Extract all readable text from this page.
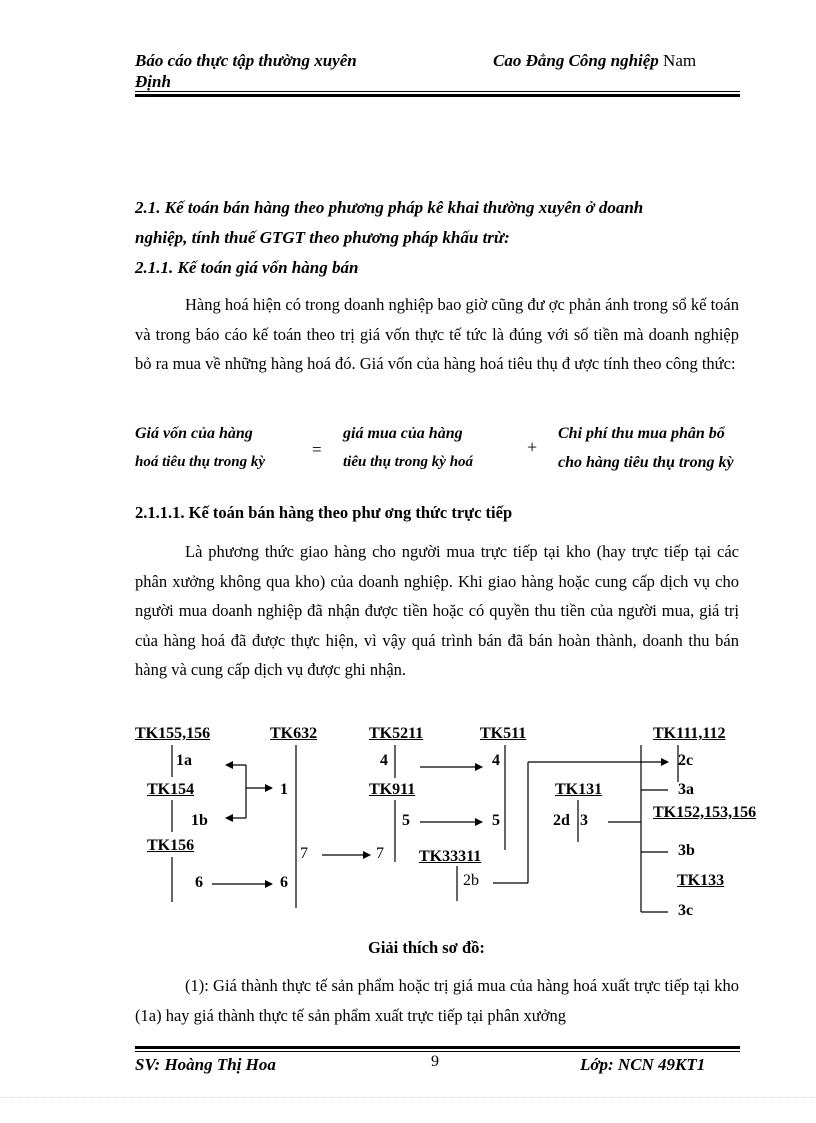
Báo cáo thực tập thường xuyên
Định
Cao Đẳng Công nghiệp Nam
2.1. Kế toán bán hàng theo phương pháp kê khai thường xuyên ở doanh
nghiệp, tính thuế GTGT theo phương pháp khấu trừ:
2.1.1. Kế toán giá vốn hàng bán
Hàng hoá hiện có trong doanh nghiệp bao giờ cũng đư ợc phản ánh trong sổ kế toán và trong báo cáo kế toán theo trị giá vốn thực tế tức là đúng với số tiền mà doanh nghiệp bỏ ra mua về những hàng hoá đó. Giá vốn của hàng hoá tiêu thụ đ ược tính theo công thức:
Giá vốn của hàng
hoá tiêu thụ trong kỳ
=
giá mua của hàng
tiêu thụ trong kỳ hoá
+
Chi phí thu mua phân bổ
cho hàng tiêu thụ trong kỳ
2.1.1.1. Kế toán bán hàng theo phư ơng thức trực tiếp
Là phương thức giao hàng cho người mua trực tiếp tại kho (hay trực tiếp tại các phân xưởng không qua kho) của doanh nghiệp. Khi giao hàng hoặc cung cấp dịch vụ cho người mua doanh nghiệp đã nhận được tiền hoặc có quyền thu tiền của người mua, giá trị của hàng hoá đã được thực hiện, vì vậy quá trình bán đã bán hoàn thành, doanh thu bán hàng và cung cấp dịch vụ được ghi nhận.
TK155,156	TK632	TK5211	TK511	TK111,112
TK154	TK911	TK131
TK152,153,156
TK156
TK33311
TK133
1a
1
1b
4	4
5	5
6	6
7	7
2c
3a
2d 3
3b
2b
3c
Giải thích sơ đồ:
(1): Giá thành thực tế sản phẩm hoặc trị giá mua của hàng hoá xuất trực tiếp tại kho (1a) hay giá thành thực tế sản phẩm xuất trực tiếp tại phân xưởng
SV: Hoàng Thị Hoa	9	Lớp: NCN 49KT1
